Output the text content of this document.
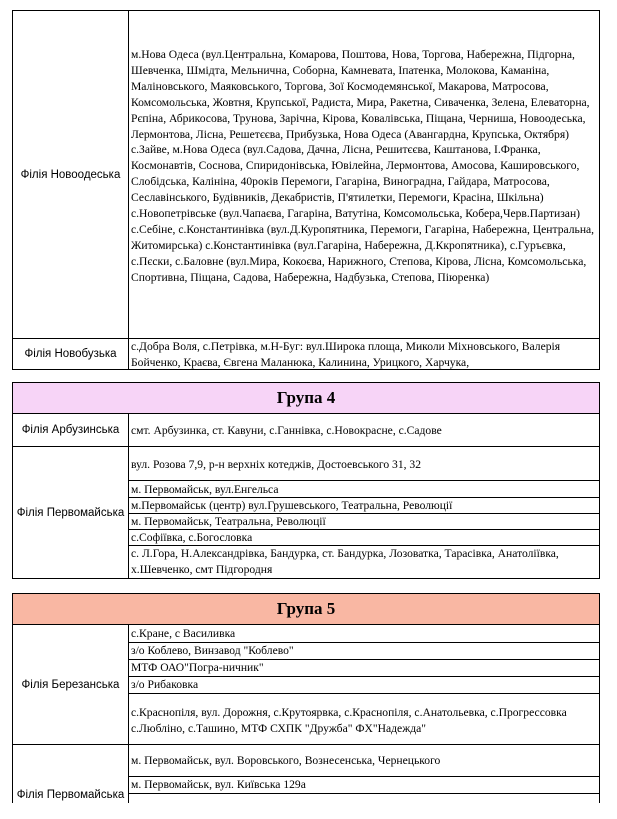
Філія Новоодеська
м.Нова Одеса (вул.Центральна, Комарова, Поштова, Нова, Торгова, Набережна, Підгорна, Шевченка, Шмідта, Мельнична, Соборна, Камневата, Іпатенка, Молокова, Каманіна, Маліновського, Маяковського, Торгова, Зої Космодемянської, Макарова, Матросова, Комсомольська, Жовтня, Крупської, Радиста, Мира, Ракетна, Сиваченка, Зелена, Елеваторна, Рєпіна, Абрикосова, Трунова, Зарічна, Кірова, Ковалівська, Піщана, Черниша, Новоодеська, Лермонтова, Лісна, Решетєєва, Прибузька, Нова Одеса (Авангардна, Крупська, Октября) с.Зайве, м.Нова Одеса (вул.Садова, Дачна, Лісна, Решитєєва, Каштанова, І.Франка, Космонавтів, Соснова, Спиридонівська, Ювілейна, Лермонтова, Амосова, Кашировського, Слобідська, Калініна, 40років Перемоги, Гагаріна, Виноградна, Гайдара, Матросова, Сеславінського, Будівників, Декабристів, П'ятилетки, Перемоги, Красіна, Шкільна) с.Новопетрівське (вул.Чапаєва, Гагаріна, Ватутіна, Комсомольська, Кобера,Черв.Партизан) с.Себіне, с.Константинівка (вул.Д.Куропятника, Перемоги, Гагаріна, Набережна, Центральна, Житомирська) с.Константинівка (вул.Гагаріна, Набережна, Д.Ккропятника), с.Гуръєвка, с.Пєски, с.Баловне (вул.Мира, Кокоєва, Нарижного, Степова, Кірова, Лісна, Комсомольська, Спортивна, Піщана, Садова, Набережна, Надбузька, Степова, Піюренка)
Філія Новобузька
с.Добра Воля, с.Петрівка, м.Н-Буг: вул.Широка площа, Миколи Міхновського, Валерія Бойченко, Краєва, Євгена Маланюка, Калинина, Урицкого, Харчука,
Група 4
Філія Арбузинська	смт. Арбузинка, ст. Кавуни, с.Ганнівка, с.Новокрасне, с.Садове
Філія Первомайська
вул. Розова 7,9, р-н верхніх котеджів, Достоевського 31, 32
м. Первомайськ, вул.Енгельса
м.Первомайськ (центр) вул.Грушевського, Театральна, Революції
м. Первомайськ, Театральна, Революції
с.Софіївка, с.Богословка
с. Л.Гора, Н.Александрівка, Бандурка, ст. Бандурка, Лозоватка, Тарасівка, Анатоліївка, х.Шевченко, смт Підгородня
Група 5
Філія Березанська
с.Кране, с Василивка
з/о Коблево, Винзавод "Коблево"
МТФ ОАО"Погра-ничник"
з/о Рибаковка
с.Краснопіля, вул. Дорожня, с.Крутоярвка, с.Краснопіля, с.Анатольевка, с.Прогрессовка с.Любліно, с.Ташино, МТФ СХПК "Дружба" ФХ"Надежда"
Філія Первомайська
м. Первомайськ, вул. Воровського, Вознесенська, Чернецького
м. Первомайськ, вул. Київська 129а
